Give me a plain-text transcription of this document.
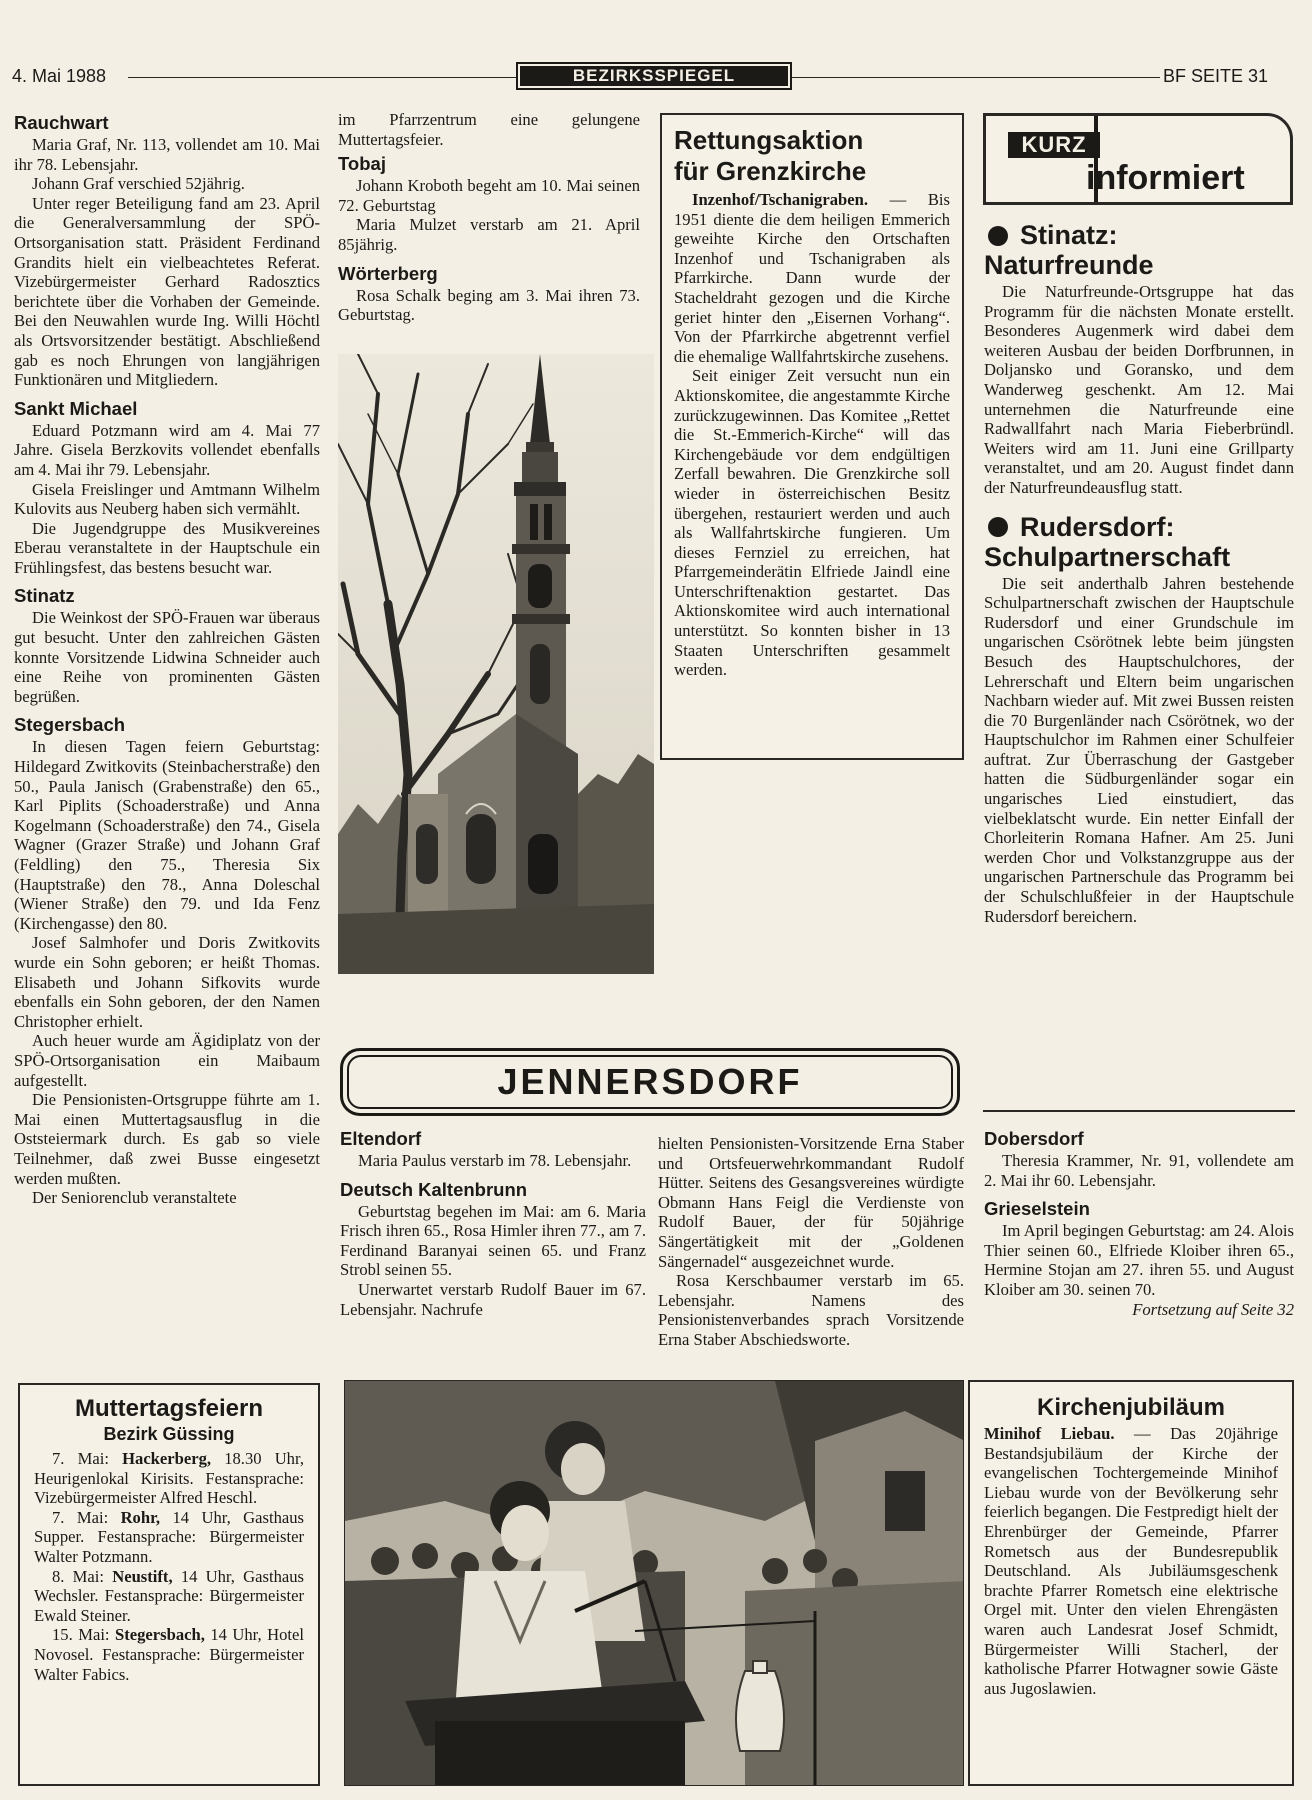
4. Mai 1988	BEZIRKSSPIEGEL	BF SEITE 31
Rauchwart

Maria Graf, Nr. 113, vollendet am 10. Mai ihr 78. Lebensjahr.

Johann Graf verschied 52jährig.

Unter reger Beteiligung fand am 23. April die Generalversammlung der SPÖ-Ortsorganisation statt. Präsident Ferdinand Grandits hielt ein vielbeachtetes Referat. Vizebürgermeister Gerhard Radosztics berichtete über die Vorhaben der Gemeinde. Bei den Neuwahlen wurde Ing. Willi Höchtl als Ortsvorsitzender bestätigt. Abschließend gab es noch Ehrungen von langjährigen Funktionären und Mitgliedern.

Sankt Michael

Eduard Potzmann wird am 4. Mai 77 Jahre. Gisela Berzkovits vollendet ebenfalls am 4. Mai ihr 79. Lebensjahr.

Gisela Freislinger und Amtmann Wilhelm Kulovits aus Neuberg haben sich vermählt.

Die Jugendgruppe des Musikvereines Eberau veranstaltete in der Hauptschule ein Frühlingsfest, das bestens besucht war.

Stinatz

Die Weinkost der SPÖ-Frauen war überaus gut besucht. Unter den zahlreichen Gästen konnte Vorsitzende Lidwina Schneider auch eine Reihe von prominenten Gästen begrüßen.

Stegersbach

In diesen Tagen feiern Geburtstag: Hildegard Zwitkovits (Steinbacherstraße) den 50., Paula Janisch (Grabenstraße) den 65., Karl Piplits (Schoaderstraße) und Anna Kogelmann (Schoaderstraße) den 74., Gisela Wagner (Grazer Straße) und Johann Graf (Feldling) den 75., Theresia Six (Hauptstraße) den 78., Anna Doleschal (Wiener Straße) den 79. und Ida Fenz (Kirchengasse) den 80.

Josef Salmhofer und Doris Zwitkovits wurde ein Sohn geboren; er heißt Thomas. Elisabeth und Johann Sifkovits wurde ebenfalls ein Sohn geboren, der den Namen Christopher erhielt.

Auch heuer wurde am Ägidiplatz von der SPÖ-Ortsorganisation ein Maibaum aufgestellt.

Die Pensionisten-Ortsgruppe führte am 1. Mai einen Muttertagsausflug in die Oststeiermark durch. Es gab so viele Teilnehmer, daß zwei Busse eingesetzt werden mußten.

Der Seniorenclub veranstaltete

im Pfarrzentrum eine gelungene Muttertagsfeier.

Tobaj

Johann Kroboth begeht am 10. Mai seinen 72. Geburtstag

Maria Mulzet verstarb am 21. April 85jährig.

Wörterberg

Rosa Schalk beging am 3. Mai ihren 73. Geburtstag.

Rettungsaktion
für Grenzkirche

Inzenhof/Tschanigraben. — Bis 1951 diente die dem heiligen Emmerich geweihte Kirche den Ortschaften Inzenhof und Tschanigraben als Pfarrkirche. Dann wurde der Stacheldraht gezogen und die Kirche geriet hinter den „Eisernen Vorhang“. Von der Pfarrkirche abgetrennt verfiel die ehemalige Wallfahrtskirche zusehens.

Seit einiger Zeit versucht nun ein Aktionskomitee, die angestammte Kirche zurückzugewinnen. Das Komitee „Rettet die St.-Emmerich-Kirche“ will das Kirchengebäude vor dem endgültigen Zerfall bewahren. Die Grenzkirche soll wieder in österreichischen Besitz übergehen, restauriert werden und auch als Wallfahrtskirche fungieren. Um dieses Fernziel zu erreichen, hat Pfarrgemeinderätin Elfriede Jaindl eine Unterschriftenaktion gestartet. Das Aktionskomitee wird auch international unterstützt. So konnten bisher in 13 Staaten Unterschriften gesammelt werden.

KURZ
informiert
Stinatz:
Naturfreunde

Die Naturfreunde-Ortsgruppe hat das Programm für die nächsten Monate erstellt. Besonderes Augenmerk wird dabei dem weiteren Ausbau der beiden Dorfbrunnen, in Doljansko und Goransko, und dem Wanderweg geschenkt. Am 12. Mai unternehmen die Naturfreunde eine Radwallfahrt nach Maria Fieberbründl. Weiters wird am 11. Juni eine Grillparty veranstaltet, und am 20. August findet dann der Naturfreundeausflug statt.

Rudersdorf:
Schulpartnerschaft

Die seit anderthalb Jahren bestehende Schulpartnerschaft zwischen der Hauptschule Rudersdorf und einer Grundschule im ungarischen Csörötnek lebte beim jüngsten Besuch des Hauptschulchores, der Lehrerschaft und Eltern beim ungarischen Nachbarn wieder auf. Mit zwei Bussen reisten die 70 Burgenländer nach Csörötnek, wo der Hauptschulchor im Rahmen einer Schulfeier auftrat. Zur Überraschung der Gastgeber hatten die Südburgenländer sogar ein ungarisches Lied einstudiert, das vielbeklatscht wurde. Ein netter Einfall der Chorleiterin Romana Hafner. Am 25. Juni werden Chor und Volkstanzgruppe aus der ungarischen Partnerschule das Programm bei der Schulschlußfeier in der Hauptschule Rudersdorf bereichern.

JENNERSDORF
Eltendorf

Maria Paulus verstarb im 78. Lebensjahr.

Deutsch Kaltenbrunn

Geburtstag begehen im Mai: am 6. Maria Frisch ihren 65., Rosa Himler ihren 77., am 7. Ferdinand Baranyai seinen 65. und Franz Strobl seinen 55.

Unerwartet verstarb Rudolf Bauer im 67. Lebensjahr. Nachrufe

hielten Pensionisten-Vorsitzende Erna Staber und Ortsfeuerwehrkommandant Rudolf Hütter. Seitens des Gesangsvereines würdigte Obmann Hans Feigl die Verdienste von Rudolf Bauer, der für 50jährige Sängertätigkeit mit der „Goldenen Sängernadel“ ausgezeichnet wurde.

Rosa Kerschbaumer verstarb im 65. Lebensjahr. Namens des Pensionistenverbandes sprach Vorsitzende Erna Staber Abschiedsworte.

Dobersdorf

Theresia Krammer, Nr. 91, vollendete am 2. Mai ihr 60. Lebensjahr.

Grieselstein

Im April begingen Geburtstag: am 24. Alois Thier seinen 60., Elfriede Kloiber ihren 65., Hermine Stojan am 27. ihren 55. und August Kloiber am 30. seinen 70.

Fortsetzung auf Seite 32
Muttertagsfeiern
Bezirk Güssing

7. Mai: Hackerberg, 18.30 Uhr, Heurigenlokal Kirisits. Festansprache: Vizebürgermeister Alfred Heschl.

7. Mai: Rohr, 14 Uhr, Gasthaus Supper. Festansprache: Bürgermeister Walter Potzmann.

8. Mai: Neustift, 14 Uhr, Gasthaus Wechsler. Festansprache: Bürgermeister Ewald Steiner.

15. Mai: Stegersbach, 14 Uhr, Hotel Novosel. Festansprache: Bürgermeister Walter Fabics.

Kirchenjubiläum

Minihof Liebau. — Das 20jährige Bestandsjubiläum der Kirche der evangelischen Tochtergemeinde Minihof Liebau wurde von der Bevölkerung sehr feierlich begangen. Die Festpredigt hielt der Ehrenbürger der Gemeinde, Pfarrer Rometsch aus der Bundesrepublik Deutschland. Als Jubiläumsgeschenk brachte Pfarrer Rometsch eine elektrische Orgel mit. Unter den vielen Ehrengästen waren auch Landesrat Josef Schmidt, Bürgermeister Willi Stacherl, der katholische Pfarrer Hotwagner sowie Gäste aus Jugoslawien.
